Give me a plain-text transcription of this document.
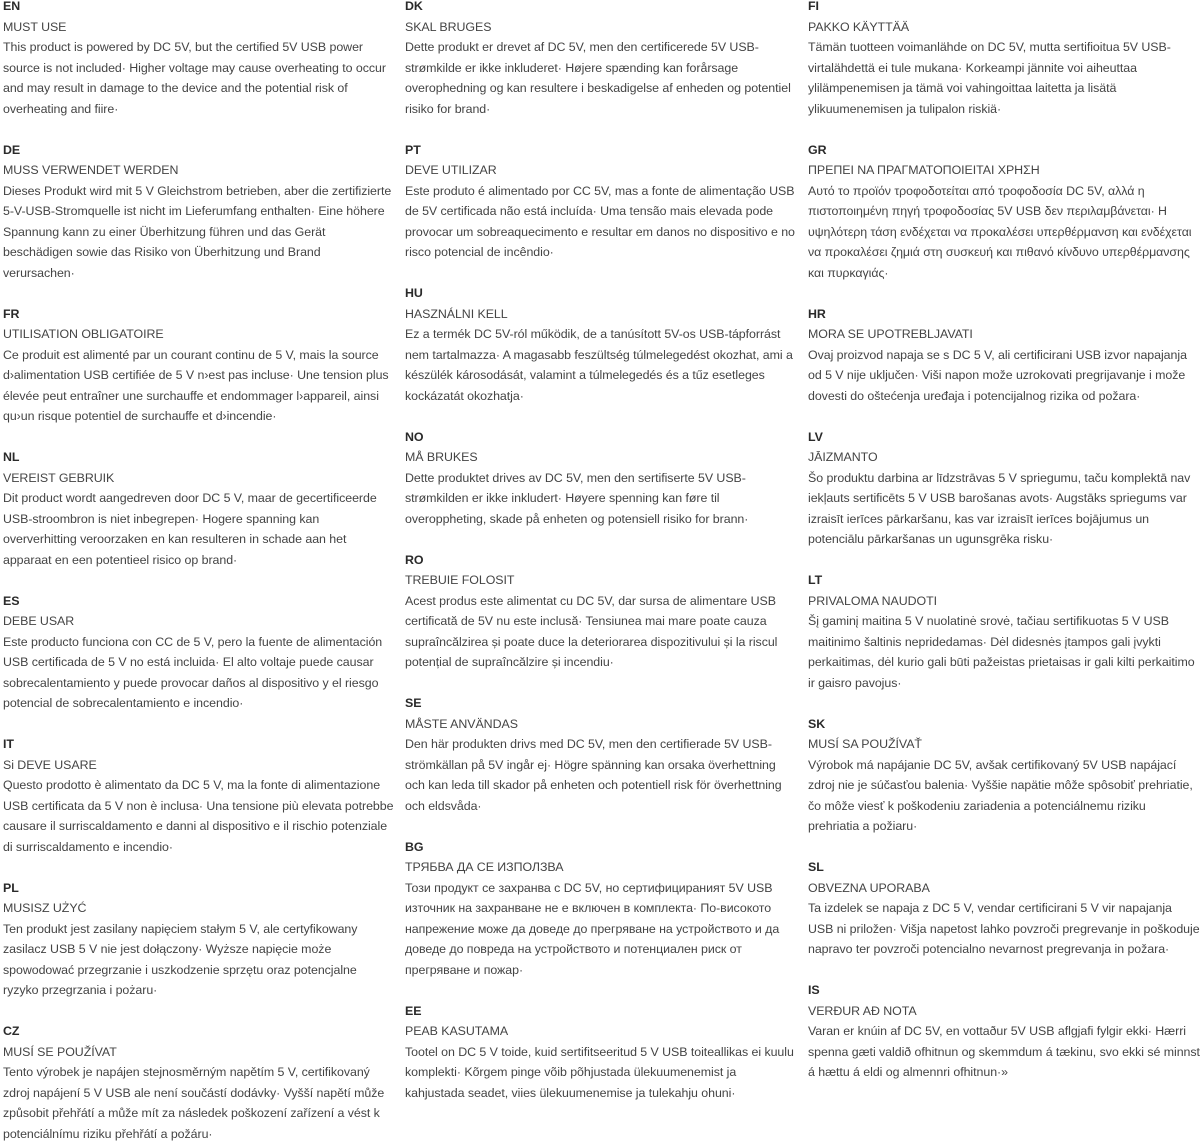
EN
MUST USE
This product is powered by DC 5V, but the certified 5V USB power source is not included· Higher voltage may cause overheating to occur and may result in damage to the device and the potential risk of overheating and fiire·
DE
MUSS VERWENDET WERDEN
Dieses Produkt wird mit 5 V Gleichstrom betrieben, aber die zertifizierte 5-V-USB-Stromquelle ist nicht im Lieferumfang enthalten· Eine höhere Spannung kann zu einer Überhitzung führen und das Gerät beschädigen sowie das Risiko von Überhitzung und Brand verursachen·
FR
UTILISATION OBLIGATOIRE
Ce produit est alimenté par un courant continu de 5 V, mais la source d›alimentation USB certifiée de 5 V n›est pas incluse· Une tension plus élevée peut entraîner une surchauffe et endommager l›appareil, ainsi qu›un risque potentiel de surchauffe et d›incendie·
NL
VEREIST GEBRUIK
Dit product wordt aangedreven door DC 5 V, maar de gecertificeerde USB-stroombron is niet inbegrepen· Hogere spanning kan oververhitting veroorzaken en kan resulteren in schade aan het apparaat en een potentieel risico op brand·
ES
DEBE USAR
Este producto funciona con CC de 5 V, pero la fuente de alimentación USB certificada de 5 V no está incluida· El alto voltaje puede causar sobrecalentamiento y puede provocar daños al dispositivo y el riesgo potencial de sobrecalentamiento e incendio·
IT
Si DEVE USARE
Questo prodotto è alimentato da DC 5 V, ma la fonte di alimentazione USB certificata da 5 V non è inclusa· Una tensione più elevata potrebbe causare il surriscaldamento e danni al dispositivo e il rischio potenziale di surriscaldamento e incendio·
PL
MUSISZ UŻYĆ
Ten produkt jest zasilany napięciem stałym 5 V, ale certyfikowany zasilacz USB 5 V nie jest dołączony· Wyższe napięcie może spowodować przegrzanie i uszkodzenie sprzętu oraz potencjalne ryzyko przegrzania i pożaru·
CZ
MUSÍ SE POUŽÍVAT
Tento výrobek je napájen stejnosměrným napětím 5 V, certifikovaný zdroj napájení 5 V USB ale není součástí dodávky· Vyšší napětí může způsobit přehřátí a může mít za následek poškození zařízení a vést k potenciálnímu riziku přehřátí a požáru·
DK
SKAL BRUGES
Dette produkt er drevet af DC 5V, men den certificerede 5V USB-strømkilde er ikke inkluderet· Højere spænding kan forårsage overophedning og kan resultere i beskadigelse af enheden og potentiel risiko for brand·
PT
DEVE UTILIZAR
Este produto é alimentado por CC 5V, mas a fonte de alimentação USB de 5V certificada não está incluída· Uma tensão mais elevada pode provocar um sobreaquecimento e resultar em danos no dispositivo e no risco potencial de incêndio·
HU
HASZNÁLNI KELL
Ez a termék DC 5V-ról működik, de a tanúsított 5V-os USB-tápforrást nem tartalmazza· A magasabb feszültség túlmelegedést okozhat, ami a készülék károsodását, valamint a túlmelegedés és a tűz esetleges kockázatát okozhatja·
NO
MÅ BRUKES
Dette produktet drives av DC 5V, men den sertifiserte 5V USB-strømkilden er ikke inkludert· Høyere spenning kan føre til overoppheting, skade på enheten og potensiell risiko for brann·
RO
TREBUIE FOLOSIT
Acest produs este alimentat cu DC 5V, dar sursa de alimentare USB certificată de 5V nu este inclusă· Tensiunea mai mare poate cauza supraîncălzirea și poate duce la deteriorarea dispozitivului și la riscul potențial de supraîncălzire și incendiu·
SE
MÅSTE ANVÄNDAS
Den här produkten drivs med DC 5V, men den certifierade 5V USB-strömkällan på 5V ingår ej· Högre spänning kan orsaka överhettning och kan leda till skador på enheten och potentiell risk för överhettning och eldsvåda·
BG
ТРЯБВА ДА СЕ ИЗПОЛЗВА
Този продукт се захранва с DC 5V, но сертифицираният 5V USB източник на захранване не е включен в комплекта· По-високото напрежение може да доведе до прегряване на устройството и да доведе до повреда на устройството и потенциален риск от прегряване и пожар·
EE
PEAB KASUTAMA
Tootel on DC 5 V toide, kuid sertifitseeritud 5 V USB toiteallikas ei kuulu komplekti· Kõrgem pinge võib põhjustada ülekuumenemist ja kahjustada seadet, viies ülekuumenemise ja tulekahju ohuni·
FI
PAKKO KÄYTTÄÄ
Tämän tuotteen voimanlähde on DC 5V, mutta sertifioitua 5V USB-virtalähdettä ei tule mukana· Korkeampi jännite voi aiheuttaa ylilämpenemisen ja tämä voi vahingoittaa laitetta ja lisätä ylikuumenemisen ja tulipalon riskiä·
GR
ΠΡΕΠΕΙ ΝΑ ΠΡΑΓΜΑΤΟΠΟΙΕΙΤΑΙ ΧΡΗΣΗ
Αυτό το προϊόν τροφοδοτείται από τροφοδοσία DC 5V, αλλά η πιστοποιημένη πηγή τροφοδοσίας 5V USB δεν περιλαμβάνεται· Η υψηλότερη τάση ενδέχεται να προκαλέσει υπερθέρμανση και ενδέχεται να προκαλέσει ζημιά στη συσκευή και πιθανό κίνδυνο υπερθέρμανσης και πυρκαγιάς·
HR
MORA SE UPOTREBLJAVATI
Ovaj proizvod napaja se s DC 5 V, ali certificirani USB izvor napajanja od 5 V nije uključen· Viši napon može uzrokovati pregrijavanje i može dovesti do oštećenja uređaja i potencijalnog rizika od požara·
LV
JĀIZMANTO
Šo produktu darbina ar līdzstrāvas 5 V spriegumu, taču komplektā nav iekļauts sertificēts 5 V USB barošanas avots· Augstāks spriegums var izraisīt ierīces pārkaršanu, kas var izraisīt ierīces bojājumus un potenciālu pārkaršanas un ugunsgrēka risku·
LT
PRIVALOMA NAUDOTI
Šį gaminį maitina 5 V nuolatinė srovė, tačiau sertifikuotas 5 V USB maitinimo šaltinis nepridedamas· Dėl didesnės įtampos gali įvykti perkaitimas, dėl kurio gali būti pažeistas prietaisas ir gali kilti perkaitimo ir gaisro pavojus·
SK
MUSÍ SA POUŽÍVAŤ
Výrobok má napájanie DC 5V, avšak certifikovaný 5V USB napájací zdroj nie je súčasťou balenia· Vyššie napätie môže spôsobiť prehriatie, čo môže viesť k poškodeniu zariadenia a potenciálnemu riziku prehriatia a požiaru·
SL
OBVEZNA UPORABA
Ta izdelek se napaja z DC 5 V, vendar certificirani 5 V vir napajanja USB ni priložen· Višja napetost lahko povzroči pregrevanje in poškoduje napravo ter povzroči potencialno nevarnost pregrevanja in požara·
IS
VERÐUR AÐ NOTA
Varan er knúin af DC 5V, en vottaður 5V USB aflgjafi fylgir ekki· Hærri spenna gæti valdið ofhitnun og skemmdum á tækinu, svo ekki sé minnst á hættu á eldi og almennri ofhitnun·»
